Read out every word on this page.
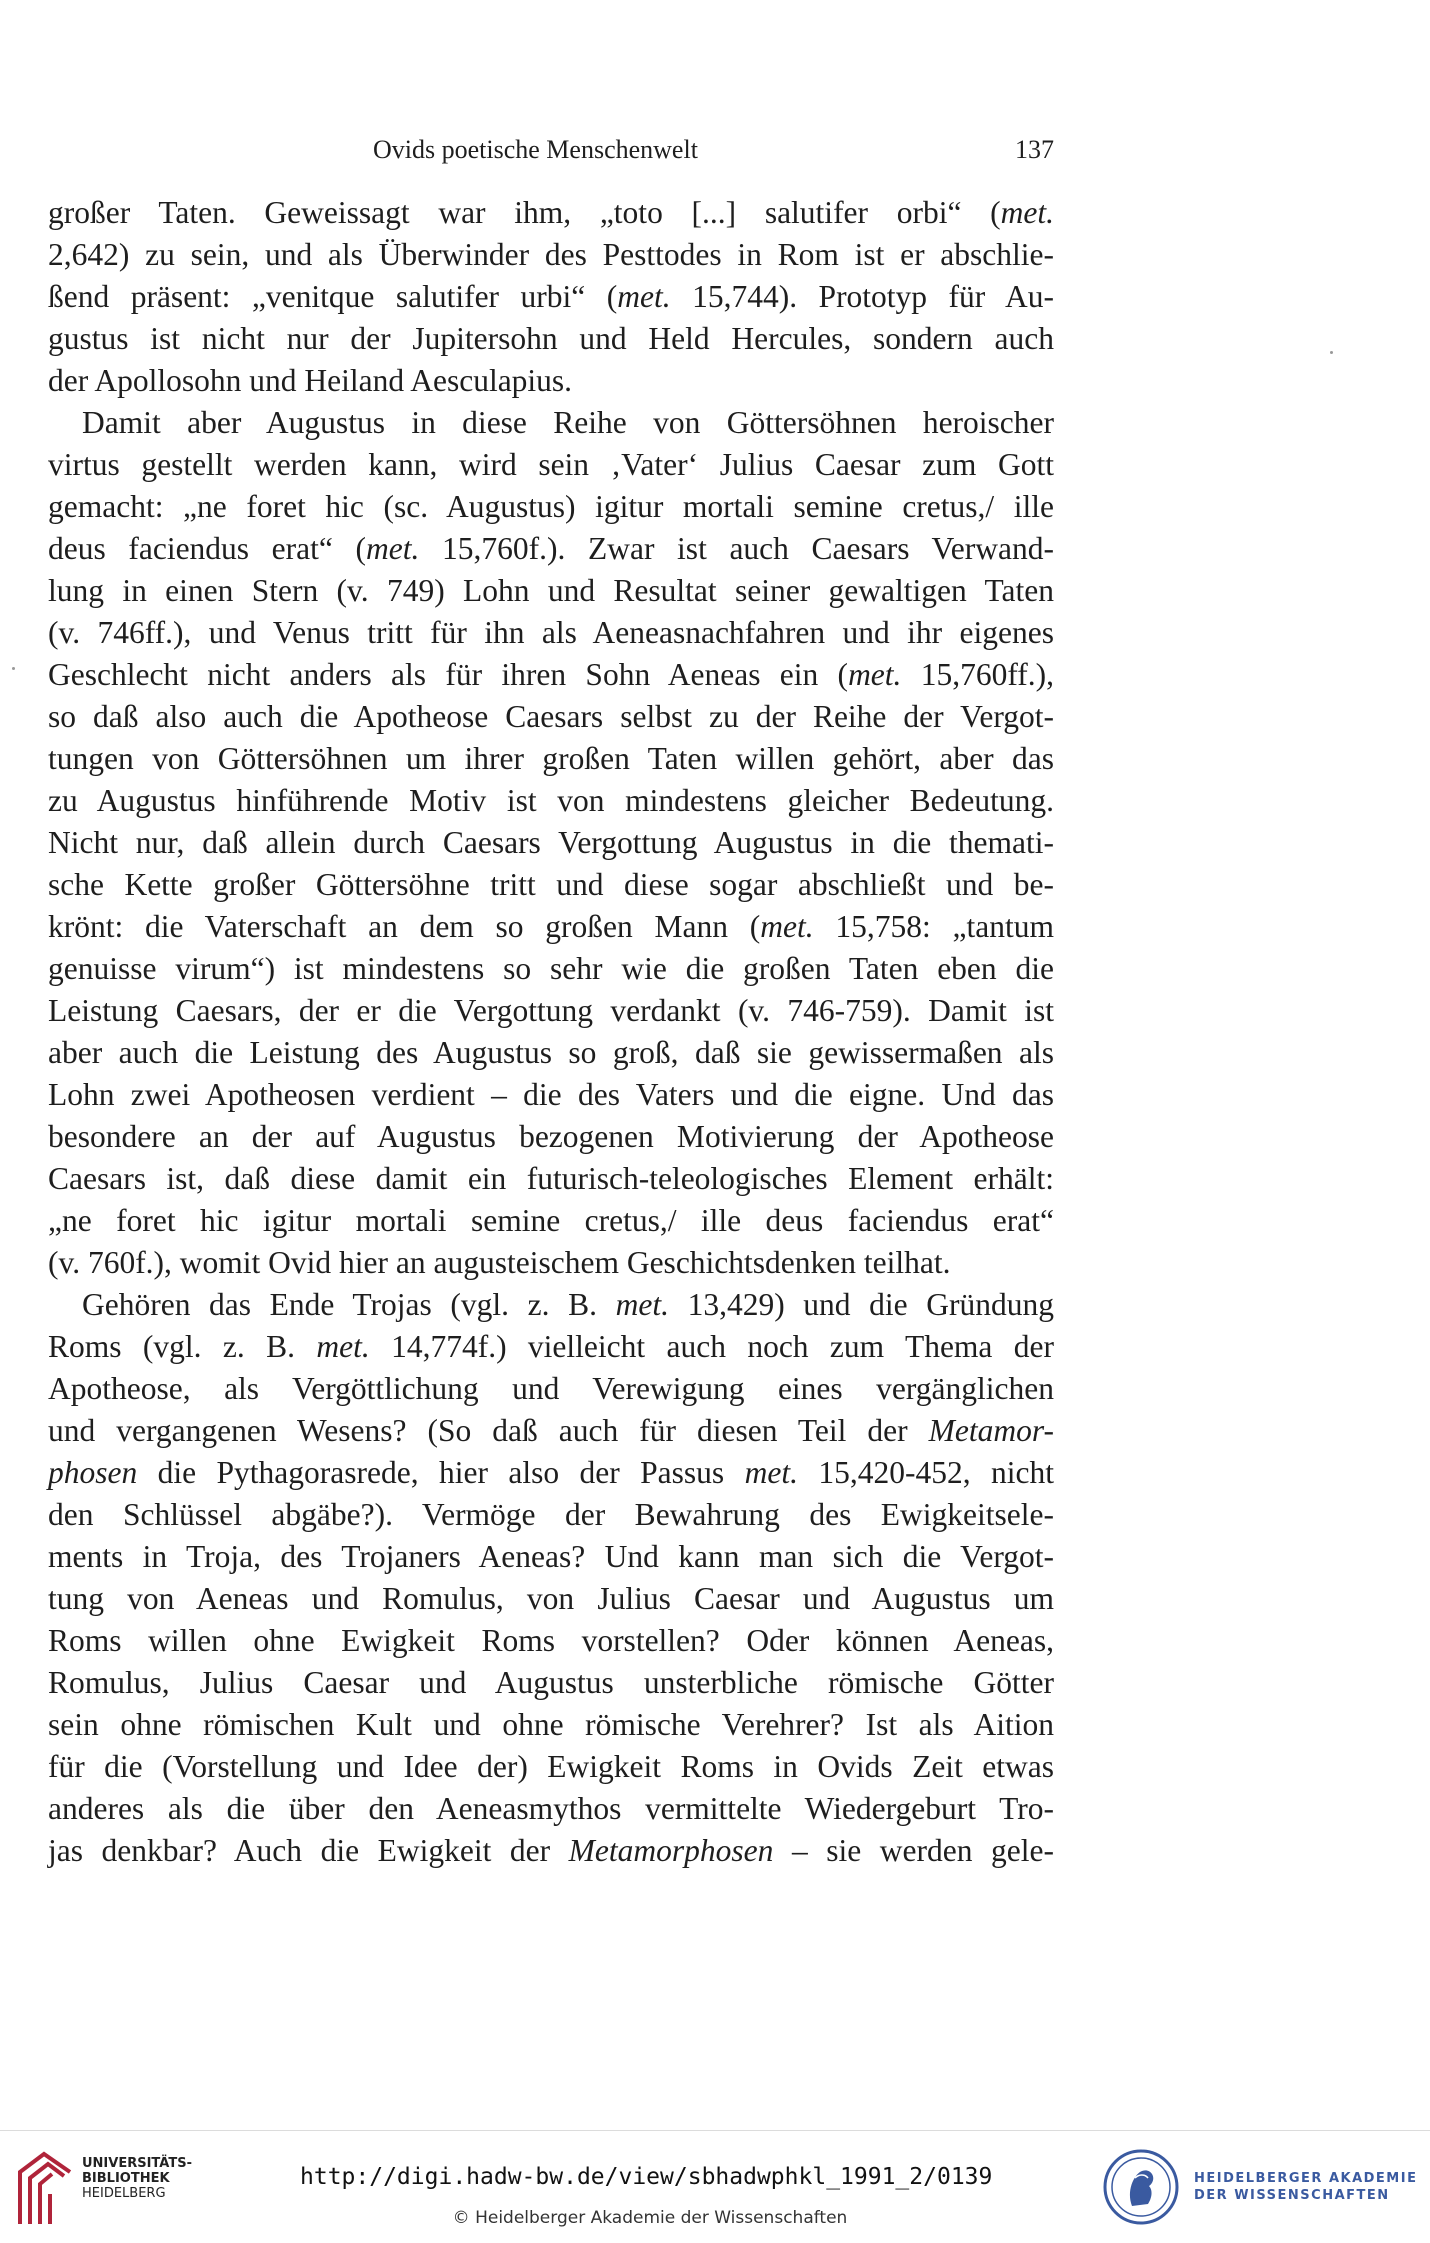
Ovids poetische Menschenwelt	137
großer Taten. Geweissagt war ihm, „toto [...] salutifer orbi“ (met.
2,642) zu sein, und als Überwinder des Pesttodes in Rom ist er abschlie-
ßend präsent: „venitque salutifer urbi“ (met. 15,744). Prototyp für Au-
gustus ist nicht nur der Jupitersohn und Held Hercules, sondern auch
der Apollosohn und Heiland Aesculapius.
Damit aber Augustus in diese Reihe von Göttersöhnen heroischer
virtus gestellt werden kann, wird sein ‚Vater‘ Julius Caesar zum Gott
gemacht: „ne foret hic (sc. Augustus) igitur mortali semine cretus,/ ille
deus faciendus erat“ (met. 15,760f.). Zwar ist auch Caesars Verwand-
lung in einen Stern (v. 749) Lohn und Resultat seiner gewaltigen Taten
(v. 746ff.), und Venus tritt für ihn als Aeneasnachfahren und ihr eigenes
Geschlecht nicht anders als für ihren Sohn Aeneas ein (met. 15,760ff.),
so daß also auch die Apotheose Caesars selbst zu der Reihe der Vergot-
tungen von Göttersöhnen um ihrer großen Taten willen gehört, aber das
zu Augustus hinführende Motiv ist von mindestens gleicher Bedeutung.
Nicht nur, daß allein durch Caesars Vergottung Augustus in die themati-
sche Kette großer Göttersöhne tritt und diese sogar abschließt und be-
krönt: die Vaterschaft an dem so großen Mann (met. 15,758: „tantum
genuisse virum“) ist mindestens so sehr wie die großen Taten eben die
Leistung Caesars, der er die Vergottung verdankt (v. 746-759). Damit ist
aber auch die Leistung des Augustus so groß, daß sie gewissermaßen als
Lohn zwei Apotheosen verdient – die des Vaters und die eigne. Und das
besondere an der auf Augustus bezogenen Motivierung der Apotheose
Caesars ist, daß diese damit ein futurisch-teleologisches Element erhält:
„ne foret hic igitur mortali semine cretus,/ ille deus faciendus erat“
(v. 760f.), womit Ovid hier an augusteischem Geschichtsdenken teilhat.
Gehören das Ende Trojas (vgl. z. B. met. 13,429) und die Gründung
Roms (vgl. z. B. met. 14,774f.) vielleicht auch noch zum Thema der
Apotheose, als Vergöttlichung und Verewigung eines vergänglichen
und vergangenen Wesens? (So daß auch für diesen Teil der Metamor-
phosen die Pythagorasrede, hier also der Passus met. 15,420-452, nicht
den Schlüssel abgäbe?). Vermöge der Bewahrung des Ewigkeitsele-
ments in Troja, des Trojaners Aeneas? Und kann man sich die Vergot-
tung von Aeneas und Romulus, von Julius Caesar und Augustus um
Roms willen ohne Ewigkeit Roms vorstellen? Oder können Aeneas,
Romulus, Julius Caesar und Augustus unsterbliche römische Götter
sein ohne römischen Kult und ohne römische Verehrer? Ist als Aition
für die (Vorstellung und Idee der) Ewigkeit Roms in Ovids Zeit etwas
anderes als die über den Aeneasmythos vermittelte Wiedergeburt Tro-
jas denkbar? Auch die Ewigkeit der Metamorphosen – sie werden gele-
UNIVERSITÄTS-
BIBLIOTHEK
HEIDELBERG
http://digi.hadw-bw.de/view/sbhadwphkl_1991_2/0139
© Heidelberger Akademie der Wissenschaften
HEIDELBERGER AKADEMIE
DER WISSENSCHAFTEN
